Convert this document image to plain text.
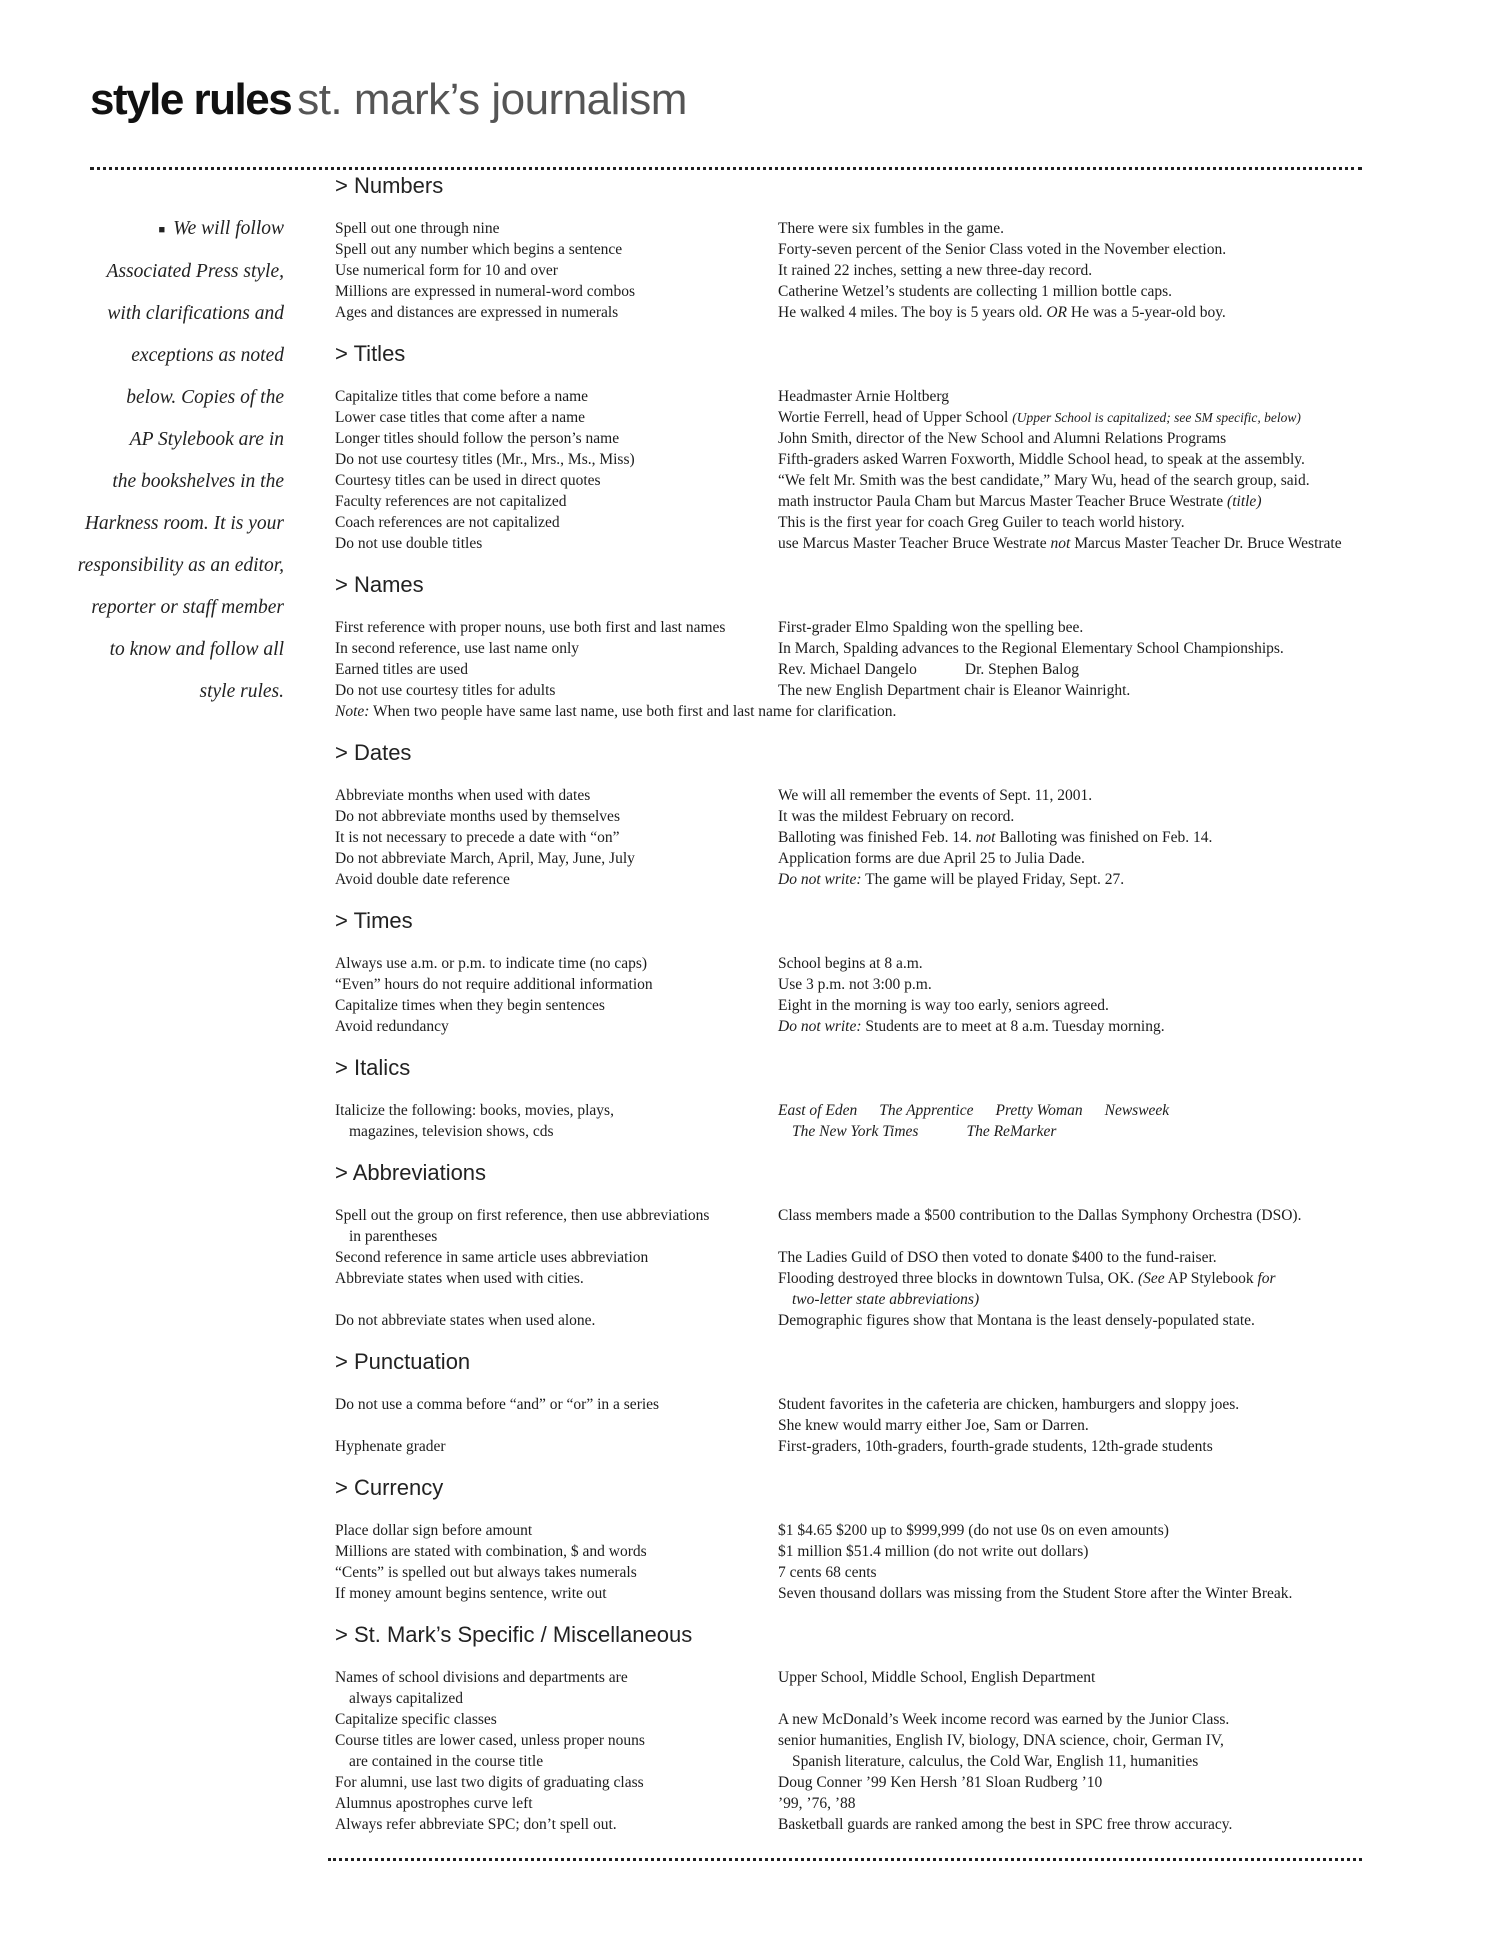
style rules st. mark’s journalism
■ We will follow
Associated Press style,
with clarifications and
exceptions as noted
below. Copies of the
AP Stylebook are in
the bookshelves in the
Harkness room. It is your
responsibility as an editor,
reporter or staff member
to know and follow all
style rules.
> Numbers
Spell out one through nine	There were six fumbles in the game.
Spell out any number which begins a sentence	Forty-seven percent of the Senior Class voted in the November election.
Use numerical form for 10 and over	It rained 22 inches, setting a new three-day record.
Millions are expressed in numeral-word combos	Catherine Wetzel’s students are collecting 1 million bottle caps.
Ages and distances are expressed in numerals	He walked 4 miles. The boy is 5 years old. OR He was a 5-year-old boy.
> Titles
Capitalize titles that come before a name	Headmaster Arnie Holtberg
Lower case titles that come after a name	Wortie Ferrell, head of Upper School (Upper School is capitalized; see SM specific, below)
Longer titles should follow the person’s name	John Smith, director of the New School and Alumni Relations Programs
Do not use courtesy titles (Mr., Mrs., Ms., Miss)	Fifth-graders asked Warren Foxworth, Middle School head, to speak at the assembly.
Courtesy titles can be used in direct quotes	“We felt Mr. Smith was the best candidate,” Mary Wu, head of the search group, said.
Faculty references are not capitalized	math instructor Paula Cham but Marcus Master Teacher Bruce Westrate (title)
Coach references are not capitalized	This is the first year for coach Greg Guiler to teach world history.
Do not use double titles	use Marcus Master Teacher Bruce Westrate not Marcus Master Teacher Dr. Bruce Westrate
> Names
First reference with proper nouns, use both first and last names	First-grader Elmo Spalding won the spelling bee.
In second reference, use last name only	In March, Spalding advances to the Regional Elementary School Championships.
Earned titles are used	Rev. Michael Dangelo	Dr. Stephen Balog
Do not use courtesy titles for adults	The new English Department chair is Eleanor Wainright.
Note: When two people have same last name, use both first and last name for clarification.
> Dates
Abbreviate months when used with dates	We will all remember the events of Sept. 11, 2001.
Do not abbreviate months used by themselves	It was the mildest February on record.
It is not necessary to precede a date with “on”	Balloting was finished Feb. 14. not Balloting was finished on Feb. 14.
Do not abbreviate March, April, May, June, July	Application forms are due April 25 to Julia Dade.
Avoid double date reference	Do not write: The game will be played Friday, Sept. 27.
> Times
Always use a.m. or p.m. to indicate time (no caps)	School begins at 8 a.m.
“Even” hours do not require additional information	Use 3 p.m. not 3:00 p.m.
Capitalize times when they begin sentences	Eight in the morning is way too early, seniors agreed.
Avoid redundancy	Do not write: Students are to meet at 8 a.m. Tuesday morning.
> Italics
Italicize the following: books, movies, plays,	East of Eden The Apprentice Pretty Woman Newsweek
magazines, television shows, cds	The New York Times	The ReMarker
> Abbreviations
Spell out the group on first reference, then use abbreviations	Class members made a $500 contribution to the Dallas Symphony Orchestra (DSO).
in parentheses
Second reference in same article uses abbreviation	The Ladies Guild of DSO then voted to donate $400 to the fund-raiser.
Abbreviate states when used with cities.	Flooding destroyed three blocks in downtown Tulsa, OK. (See AP Stylebook for
two-letter state abbreviations)
Do not abbreviate states when used alone.	Demographic figures show that Montana is the least densely-populated state.
> Punctuation
Do not use a comma before “and” or “or” in a series	Student favorites in the cafeteria are chicken, hamburgers and sloppy joes.
She knew would marry either Joe, Sam or Darren.
Hyphenate grader	First-graders, 10th-graders, fourth-grade students, 12th-grade students
> Currency
Place dollar sign before amount	$1 $4.65 $200 up to $999,999 (do not use 0s on even amounts)
Millions are stated with combination, $ and words	$1 million $51.4 million (do not write out dollars)
“Cents” is spelled out but always takes numerals	7 cents 68 cents
If money amount begins sentence, write out	Seven thousand dollars was missing from the Student Store after the Winter Break.
> St. Mark’s Specific / Miscellaneous
Names of school divisions and departments are	Upper School, Middle School, English Department
always capitalized
Capitalize specific classes	A new McDonald’s Week income record was earned by the Junior Class.
Course titles are lower cased, unless proper nouns	senior humanities, English IV, biology, DNA science, choir, German IV,
are contained in the course title	Spanish literature, calculus, the Cold War, English 11, humanities
For alumni, use last two digits of graduating class	Doug Conner ’99 Ken Hersh ’81 Sloan Rudberg ’10
Alumnus apostrophes curve left	’99, ’76, ’88
Always refer abbreviate SPC; don’t spell out.	Basketball guards are ranked among the best in SPC free throw accuracy.
